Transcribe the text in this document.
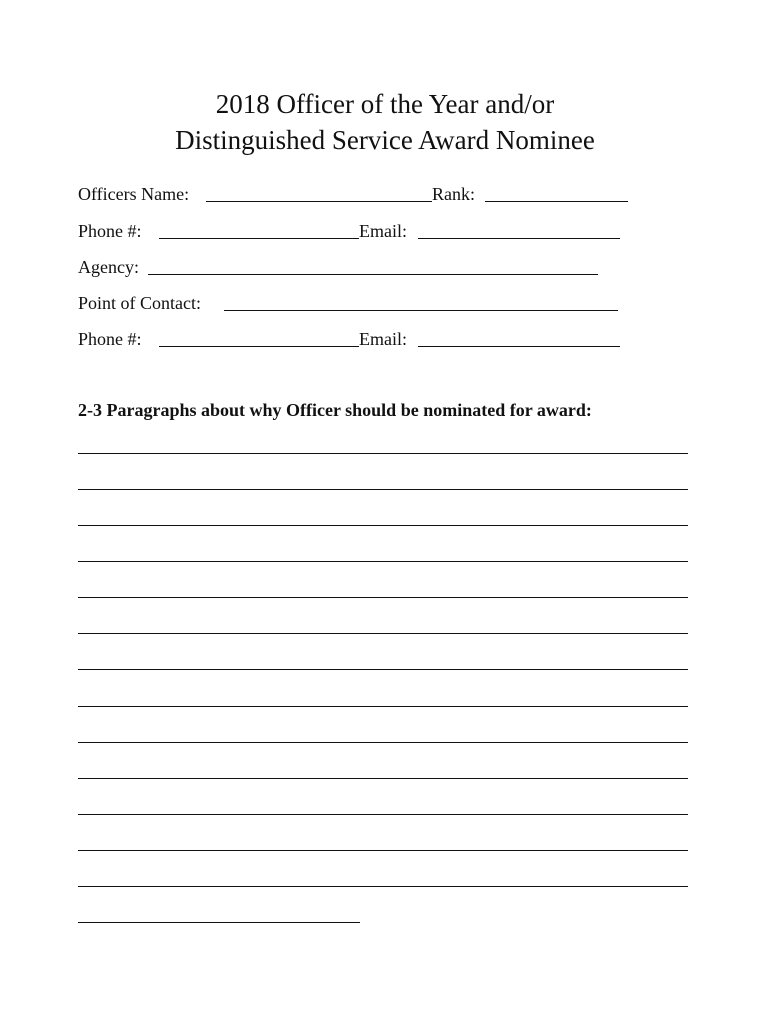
2018 Officer of the Year and/or
Distinguished Service Award Nominee
Officers Name:	Rank:
Phone #:	Email:
Agency:
Point of Contact:
Phone #:	Email:
2-3 Paragraphs about why Officer should be nominated for award:
